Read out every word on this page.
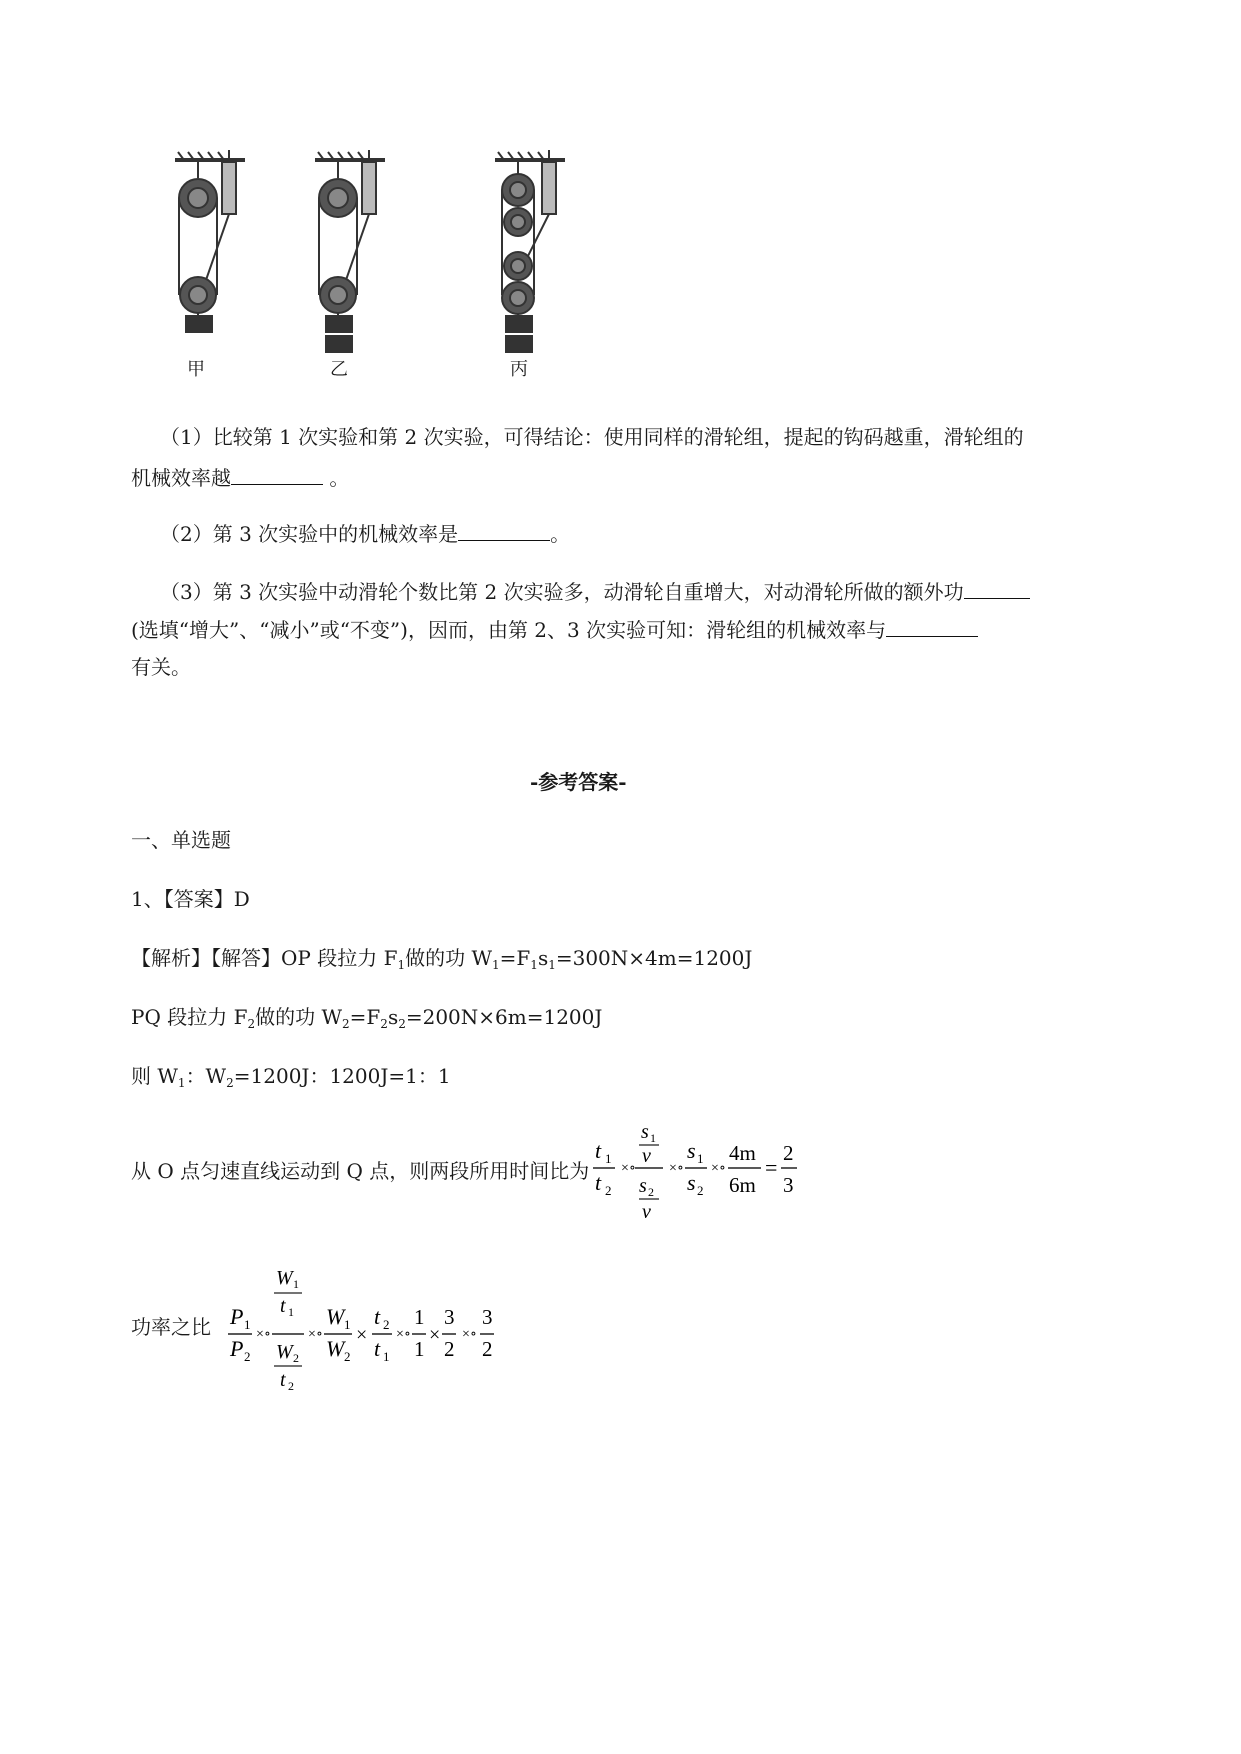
甲	乙	丙
（1）比较第 1 次实验和第 2 次实验，可得结论：使用同样的滑轮组，提起的钩码越重，滑轮组的
机械效率越	。
（2）第 3 次实验中的机械效率是	。
（3）第 3 次实验中动滑轮个数比第 2 次实验多，动滑轮自重增大，对动滑轮所做的额外功
(选填“增大”、“减小”或“不变”)，因而，由第 2、3 次实验可知：滑轮组的机械效率与
有关。
-参考答案-
一、单选题
1、【答案】D
【解析】【解答】OP 段拉力 $F_1$做的功 $W_1=F_1s_1=300N\times 4m=1200J$
PQ 段拉力 $F_2$做的功 $W_2=F_2s_2=200N\times 6m=1200J$
则 $W_1$：$W_2=1200J$：1200J=1：1
从 O 点匀速直线运动到 Q 点，则两段所用时间比为
t 1
t 2
× ∘
s 1
v
s 2
v
× ∘
s 1
s 2
× ∘
4m
6m
=
2
3
功率之比 P 1
P 2
× ∘
W 1
t 1
W 2
t 2
× ∘
W 1
W 2
×
t 2
t 1
× ∘
1
1
×
3
2
× ∘
3
2
